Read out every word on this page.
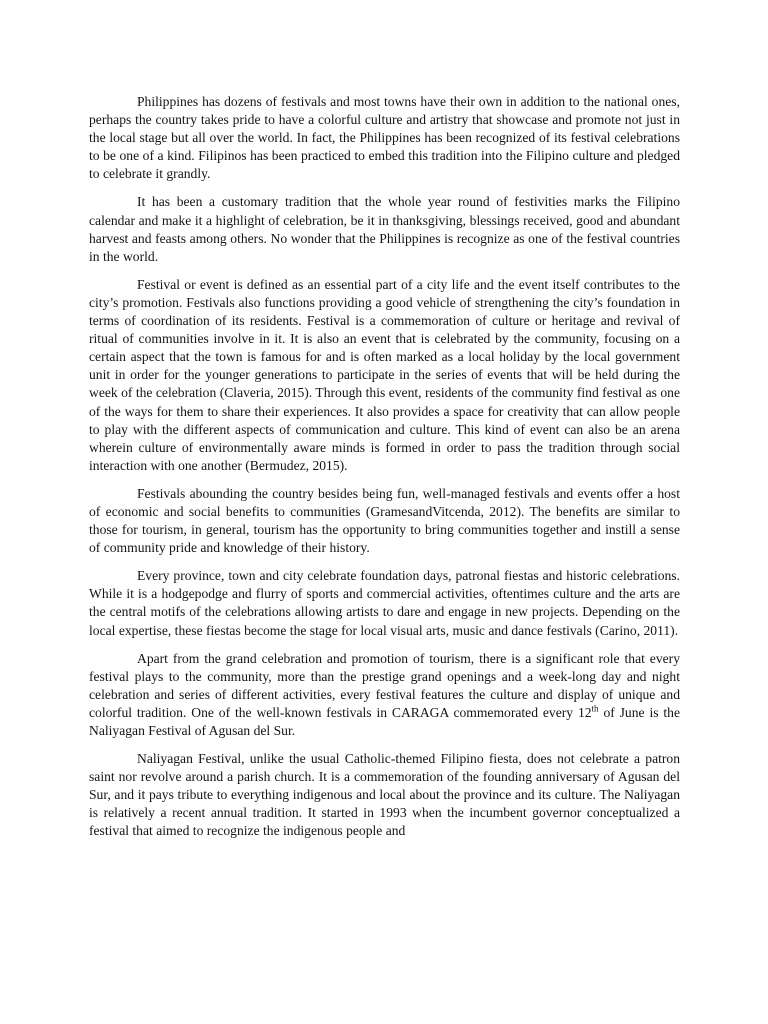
Philippines has dozens of festivals and most towns have their own in addition to the national ones, perhaps the country takes pride to have a colorful culture and artistry that showcase and promote not just in the local stage but all over the world. In fact, the Philippines has been recognized of its festival celebrations to be one of a kind. Filipinos has been practiced to embed this tradition into the Filipino culture and pledged to celebrate it grandly.

It has been a customary tradition that the whole year round of festivities marks the Filipino calendar and make it a highlight of celebration, be it in thanksgiving, blessings received, good and abundant harvest and feasts among others. No wonder that the Philippines is recognize as one of the festival countries in the world.

Festival or event is defined as an essential part of a city life and the event itself contributes to the city’s promotion. Festivals also functions providing a good vehicle of strengthening the city’s foundation in terms of coordination of its residents. Festival is a commemoration of culture or heritage and revival of ritual of communities involve in it. It is also an event that is celebrated by the community, focusing on a certain aspect that the town is famous for and is often marked as a local holiday by the local government unit in order for the younger generations to participate in the series of events that will be held during the week of the celebration (Claveria, 2015). Through this event, residents of the community find festival as one of the ways for them to share their experiences. It also provides a space for creativity that can allow people to play with the different aspects of communication and culture. This kind of event can also be an arena wherein culture of environmentally aware minds is formed in order to pass the tradition through social interaction with one another (Bermudez, 2015).

Festivals abounding the country besides being fun, well-managed festivals and events offer a host of economic and social benefits to communities (GramesandVitcenda, 2012). The benefits are similar to those for tourism, in general, tourism has the opportunity to bring communities together and instill a sense of community pride and knowledge of their history.

Every province, town and city celebrate foundation days, patronal fiestas and historic celebrations. While it is a hodgepodge and flurry of sports and commercial activities, oftentimes culture and the arts are the central motifs of the celebrations allowing artists to dare and engage in new projects. Depending on the local expertise, these fiestas become the stage for local visual arts, music and dance festivals (Carino, 2011).

Apart from the grand celebration and promotion of tourism, there is a significant role that every festival plays to the community, more than the prestige grand openings and a week-long day and night celebration and series of different activities, every festival features the culture and display of unique and colorful tradition. One of the well-known festivals in CARAGA commemorated every 12th of June is the Naliyagan Festival of Agusan del Sur.

Naliyagan Festival, unlike the usual Catholic-themed Filipino fiesta, does not celebrate a patron saint nor revolve around a parish church. It is a commemoration of the founding anniversary of Agusan del Sur, and it pays tribute to everything indigenous and local about the province and its culture. The Naliyagan is relatively a recent annual tradition. It started in 1993 when the incumbent governor conceptualized a festival that aimed to recognize the indigenous people and
